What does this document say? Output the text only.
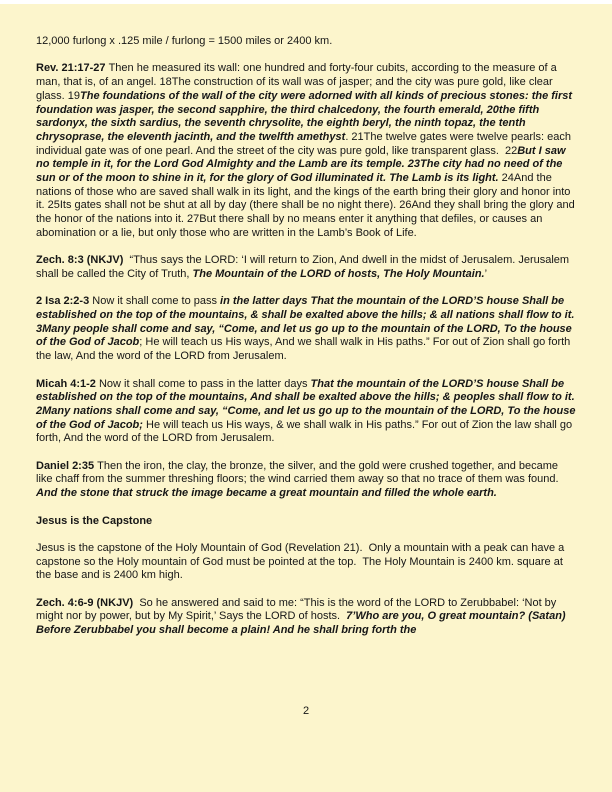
12,000 furlong x .125 mile / furlong = 1500 miles or 2400 km.

Rev. 21:17-27 Then he measured its wall: one hundred and forty-four cubits, according to the measure of a man, that is, of an angel. 18The construction of its wall was of jasper; and the city was pure gold, like clear glass. 19The foundations of the wall of the city were adorned with all kinds of precious stones: the first foundation was jasper, the second sapphire, the third chalcedony, the fourth emerald, 20the fifth sardonyx, the sixth sardius, the seventh chrysolite, the eighth beryl, the ninth topaz, the tenth chrysoprase, the eleventh jacinth, and the twelfth amethyst. 21The twelve gates were twelve pearls: each individual gate was of one pearl. And the street of the city was pure gold, like transparent glass.  22But I saw no temple in it, for the Lord God Almighty and the Lamb are its temple. 23The city had no need of the sun or of the moon to shine in it, for the glory of God illuminated it. The Lamb is its light. 24And the nations of those who are saved shall walk in its light, and the kings of the earth bring their glory and honor into it. 25Its gates shall not be shut at all by day (there shall be no night there). 26And they shall bring the glory and the honor of the nations into it. 27But there shall by no means enter it anything that defiles, or causes an abomination or a lie, but only those who are written in the Lamb’s Book of Life.

Zech. 8:3 (NKJV)  “Thus says the LORD: ‘I will return to Zion, And dwell in the midst of Jerusalem. Jerusalem shall be called the City of Truth, The Mountain of the LORD of hosts, The Holy Mountain.’

2 Isa 2:2-3 Now it shall come to pass in the latter days That the mountain of the LORD’S house Shall be established on the top of the mountains, & shall be exalted above the hills; & all nations shall flow to it.  3Many people shall come and say, “Come, and let us go up to the mountain of the LORD, To the house of the God of Jacob; He will teach us His ways, And we shall walk in His paths.” For out of Zion shall go forth the law, And the word of the LORD from Jerusalem.

Micah 4:1-2 Now it shall come to pass in the latter days That the mountain of the LORD’S house Shall be established on the top of the mountains, And shall be exalted above the hills; & peoples shall flow to it.  2Many nations shall come and say, “Come, and let us go up to the mountain of the LORD, To the house of the God of Jacob; He will teach us His ways, & we shall walk in His paths.” For out of Zion the law shall go forth, And the word of the LORD from Jerusalem.

Daniel 2:35 Then the iron, the clay, the bronze, the silver, and the gold were crushed together, and became like chaff from the summer threshing floors; the wind carried them away so that no trace of them was found. And the stone that struck the image became a great mountain and filled the whole earth.

Jesus is the Capstone

Jesus is the capstone of the Holy Mountain of God (Revelation 21).  Only a mountain with a peak can have a capstone so the Holy mountain of God must be pointed at the top.  The Holy Mountain is 2400 km. square at the base and is 2400 km high.

Zech. 4:6-9 (NKJV)  So he answered and said to me: “This is the word of the LORD to Zerubbabel: ‘Not by might nor by power, but by My Spirit,’ Says the LORD of hosts.  7’Who are you, O great mountain? (Satan) Before Zerubbabel you shall become a plain! And he shall bring forth the

2
